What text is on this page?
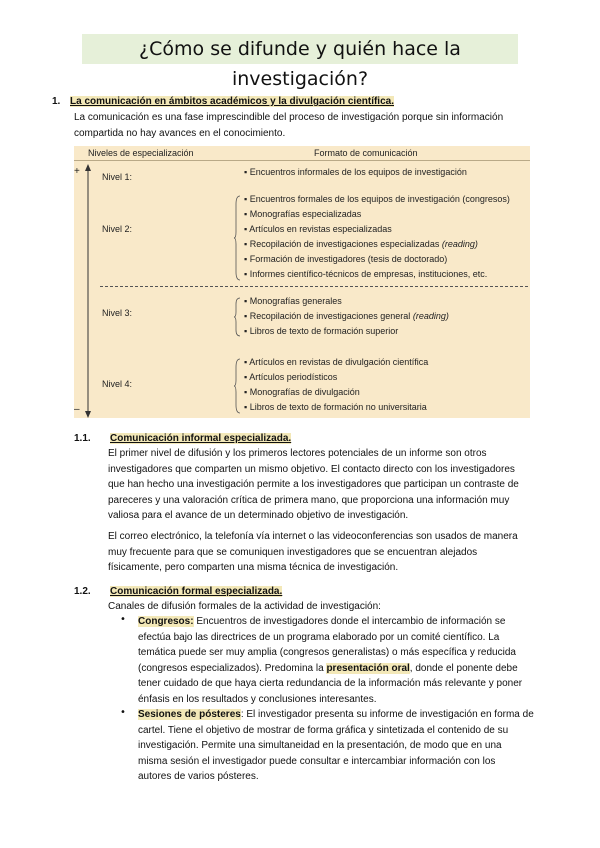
¿Cómo se difunde y quién hace la investigación?
1. La comunicación en ámbitos académicos y la divulgación científica.
La comunicación es una fase imprescindible del proceso de investigación porque sin información
compartida no hay avances en el conocimiento.
Niveles de especialización	Formato de comunicación
+
–
Nivel 1:
Nivel 2:
Nivel 3:
Nivel 4:
▪ Encuentros informales de los equipos de investigación
▪ Encuentros formales de los equipos de investigación (congresos)
▪ Monografías especializadas
▪ Artículos en revistas especializadas
▪ Recopilación de investigaciones especializadas (reading)
▪ Formación de investigadores (tesis de doctorado)
▪ Informes científico-técnicos de empresas, instituciones, etc.
▪ Monografías generales
▪ Recopilación de investigaciones general (reading)
▪ Libros de texto de formación superior
▪ Artículos en revistas de divulgación científica
▪ Artículos periodísticos
▪ Monografías de divulgación
▪ Libros de texto de formación no universitaria
1.1. Comunicación informal especializada.
El primer nivel de difusión y los primeros lectores potenciales de un informe son otros
investigadores que comparten un mismo objetivo. El contacto directo con los investigadores
que han hecho una investigación permite a los investigadores que participan un contraste de
pareceres y una valoración crítica de primera mano, que proporciona una información muy
valiosa para el avance de un determinado objetivo de investigación.
El correo electrónico, la telefonía vía internet o las videoconferencias son usados de manera
muy frecuente para que se comuniquen investigadores que se encuentran alejados
físicamente, pero comparten una misma técnica de investigación.
1.2. Comunicación formal especializada.
Canales de difusión formales de la actividad de investigación:
• Congresos: Encuentros de investigadores donde el intercambio de información se
efectúa bajo las directrices de un programa elaborado por un comité científico. La
temática puede ser muy amplia (congresos generalistas) o más específica y reducida
(congresos especializados). Predomina la presentación oral, donde el ponente debe
tener cuidado de que haya cierta redundancia de la información más relevante y poner
énfasis en los resultados y conclusiones interesantes.
• Sesiones de pósteres: El investigador presenta su informe de investigación en forma de
cartel. Tiene el objetivo de mostrar de forma gráfica y sintetizada el contenido de su
investigación. Permite una simultaneidad en la presentación, de modo que en una
misma sesión el investigador puede consultar e intercambiar información con los
autores de varios pósteres.
